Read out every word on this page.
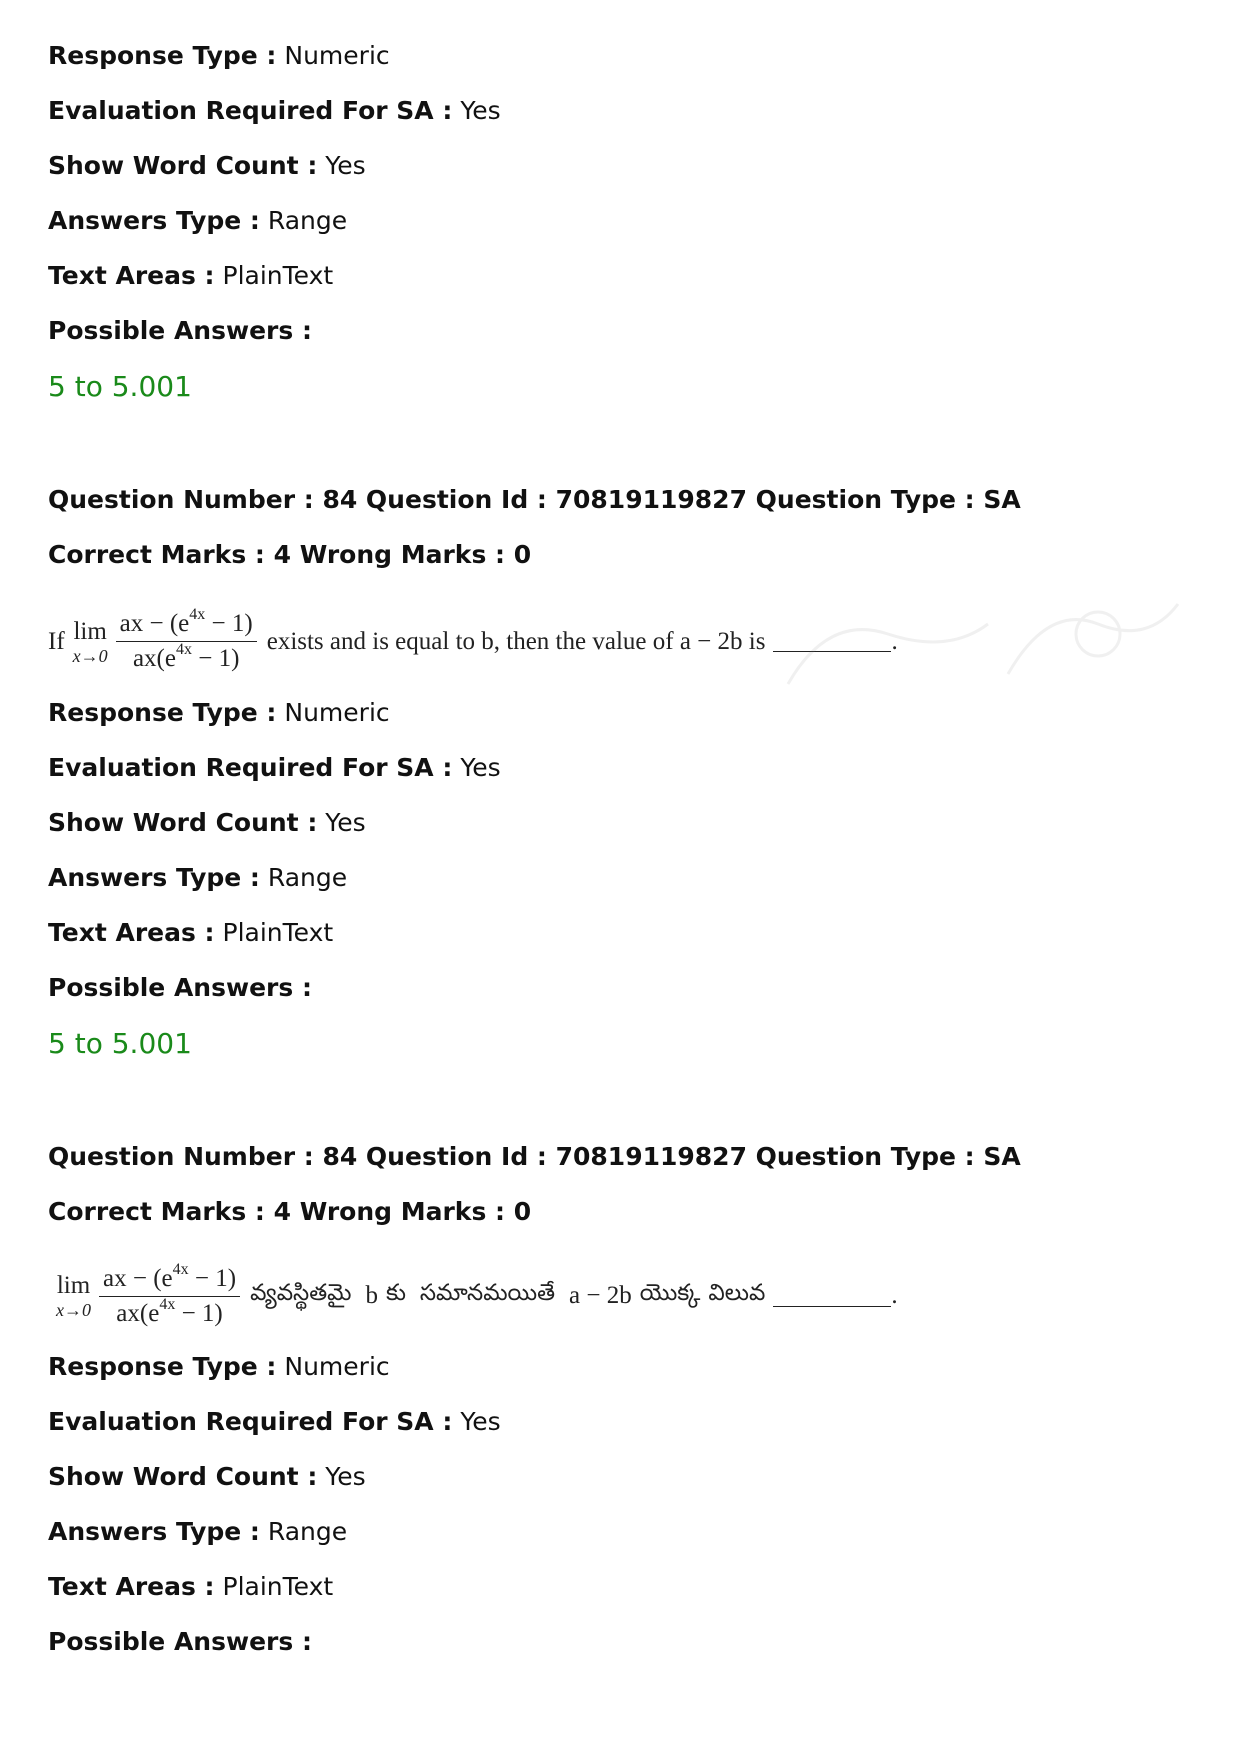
Response Type : Numeric
Evaluation Required For SA : Yes
Show Word Count : Yes
Answers Type : Range
Text Areas : PlainText
Possible Answers :
5 to 5.001
Question Number : 84 Question Id : 70819119827 Question Type : SA
Correct Marks : 4 Wrong Marks : 0
If lim
$x\to 0 \frac{ax - (e^{4x} - 1)}{ax(e^{4x} - 1)}$ exists and is equal to b, then the value of a − 2b is	.
Response Type : Numeric
Evaluation Required For SA : Yes
Show Word Count : Yes
Answers Type : Range
Text Areas : PlainText
Possible Answers :
5 to 5.001
Question Number : 84 Question Id : 70819119827 Question Type : SA
Correct Marks : 4 Wrong Marks : 0
lim
$x\to 0 \frac{ax - (e^{4x} - 1)}{ax(e^{4x} - 1)}$ వ్యవస్థితమై b కు సమానమయితే a − 2b యొక్క విలువ	.
Response Type : Numeric
Evaluation Required For SA : Yes
Show Word Count : Yes
Answers Type : Range
Text Areas : PlainText
Possible Answers :
